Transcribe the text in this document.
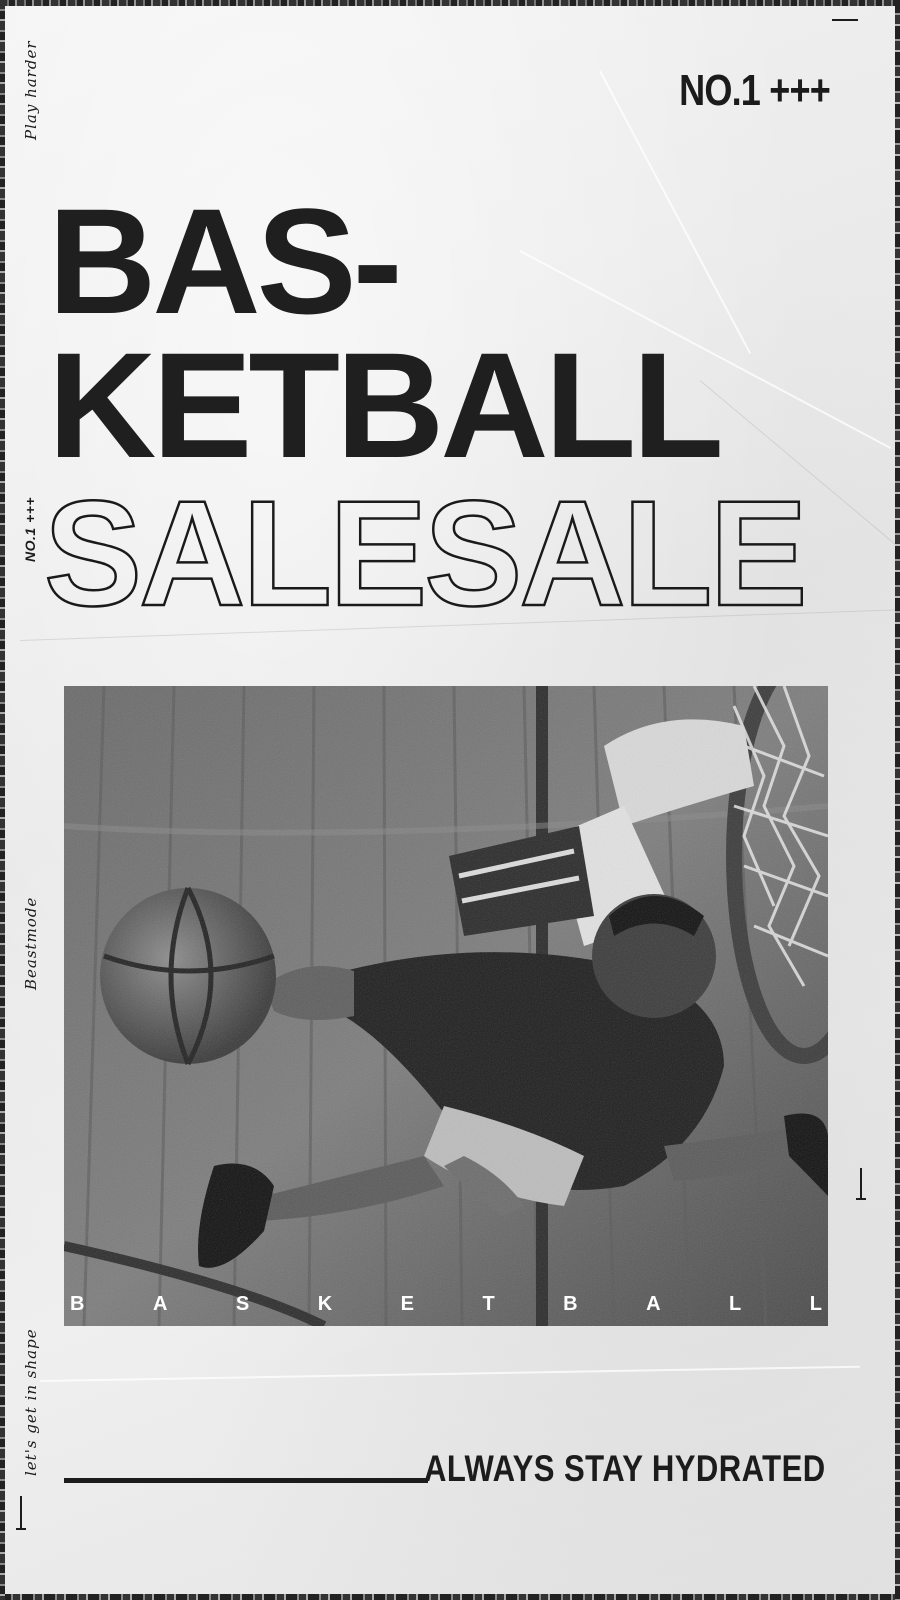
Play harder
NO.1 +++
Beastmode
let's get in shape
NO.1 +++
BAS-
KETBALL
SALESALE
B	A	S	K	E	T	B	A	L	L
ALWAYS STAY HYDRATED
